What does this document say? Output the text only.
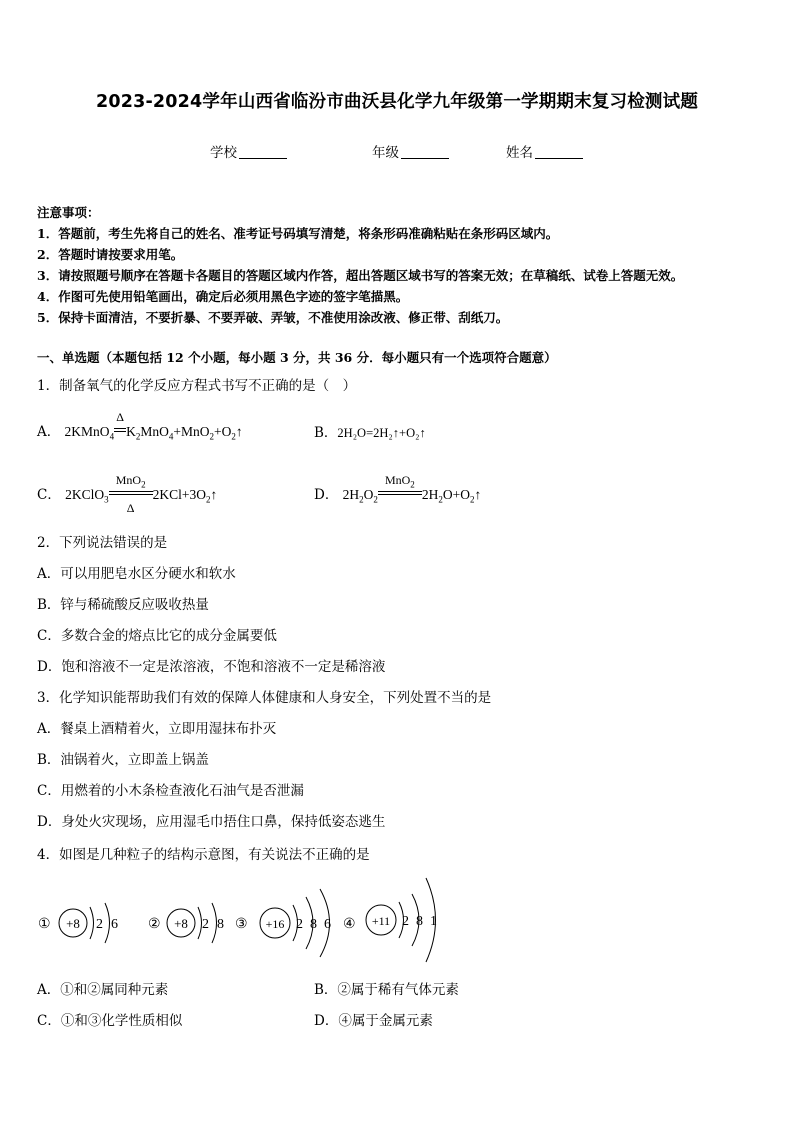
2023-2024学年山西省临汾市曲沃县化学九年级第一学期期末复习检测试题
学校	年级	姓名
注意事项：
1．答题前，考生先将自己的姓名、准考证号码填写清楚，将条形码准确粘贴在条形码区域内。
2．答题时请按要求用笔。
3．请按照题号顺序在答题卡各题目的答题区域内作答，超出答题区域书写的答案无效；在草稿纸、试卷上答题无效。
4．作图可先使用铅笔画出，确定后必须用黑色字迹的签字笔描黑。
5．保持卡面清洁，不要折暴、不要弄破、弄皱，不准使用涂改液、修正带、刮纸刀。
一、单选题（本题包括 12 个小题，每小题 3 分，共 36 分．每小题只有一个选项符合题意）
1．制备氧气的化学反应方程式书写不正确的是（　）
A． 2KMnO$_4$
Δ
$K_2MnO_4+MnO_2+O_2↑$	B．2H₂O=2H₂↑+O₂↑
C． 2KClO$_3$
MnO$_2$
Δ
$2KCl+3O_2↑$	D． $2H_2O_2$
MnO$_2$
$2H_2O+O_2↑$
2．下列说法错误的是
A．可以用肥皂水区分硬水和软水
B．锌与稀硫酸反应吸收热量
C．多数合金的熔点比它的成分金属要低
D．饱和溶液不一定是浓溶液，不饱和溶液不一定是稀溶液
3．化学知识能帮助我们有效的保障人体健康和人身安全，下列处置不当的是
A．餐桌上酒精着火，立即用湿抹布扑灭
B．油锅着火，立即盖上锅盖
C．用燃着的小木条检查液化石油气是否泄漏
D．身处火灾现场，应用湿毛巾捂住口鼻，保持低姿态逃生
4．如图是几种粒子的结构示意图，有关说法不正确的是
① +8 2 6 ② +8 2 8 ③ +16 2 8 6 ④ +11 2 8 1
A．①和②属同种元素	B．②属于稀有气体元素
C．①和③化学性质相似	D．④属于金属元素
